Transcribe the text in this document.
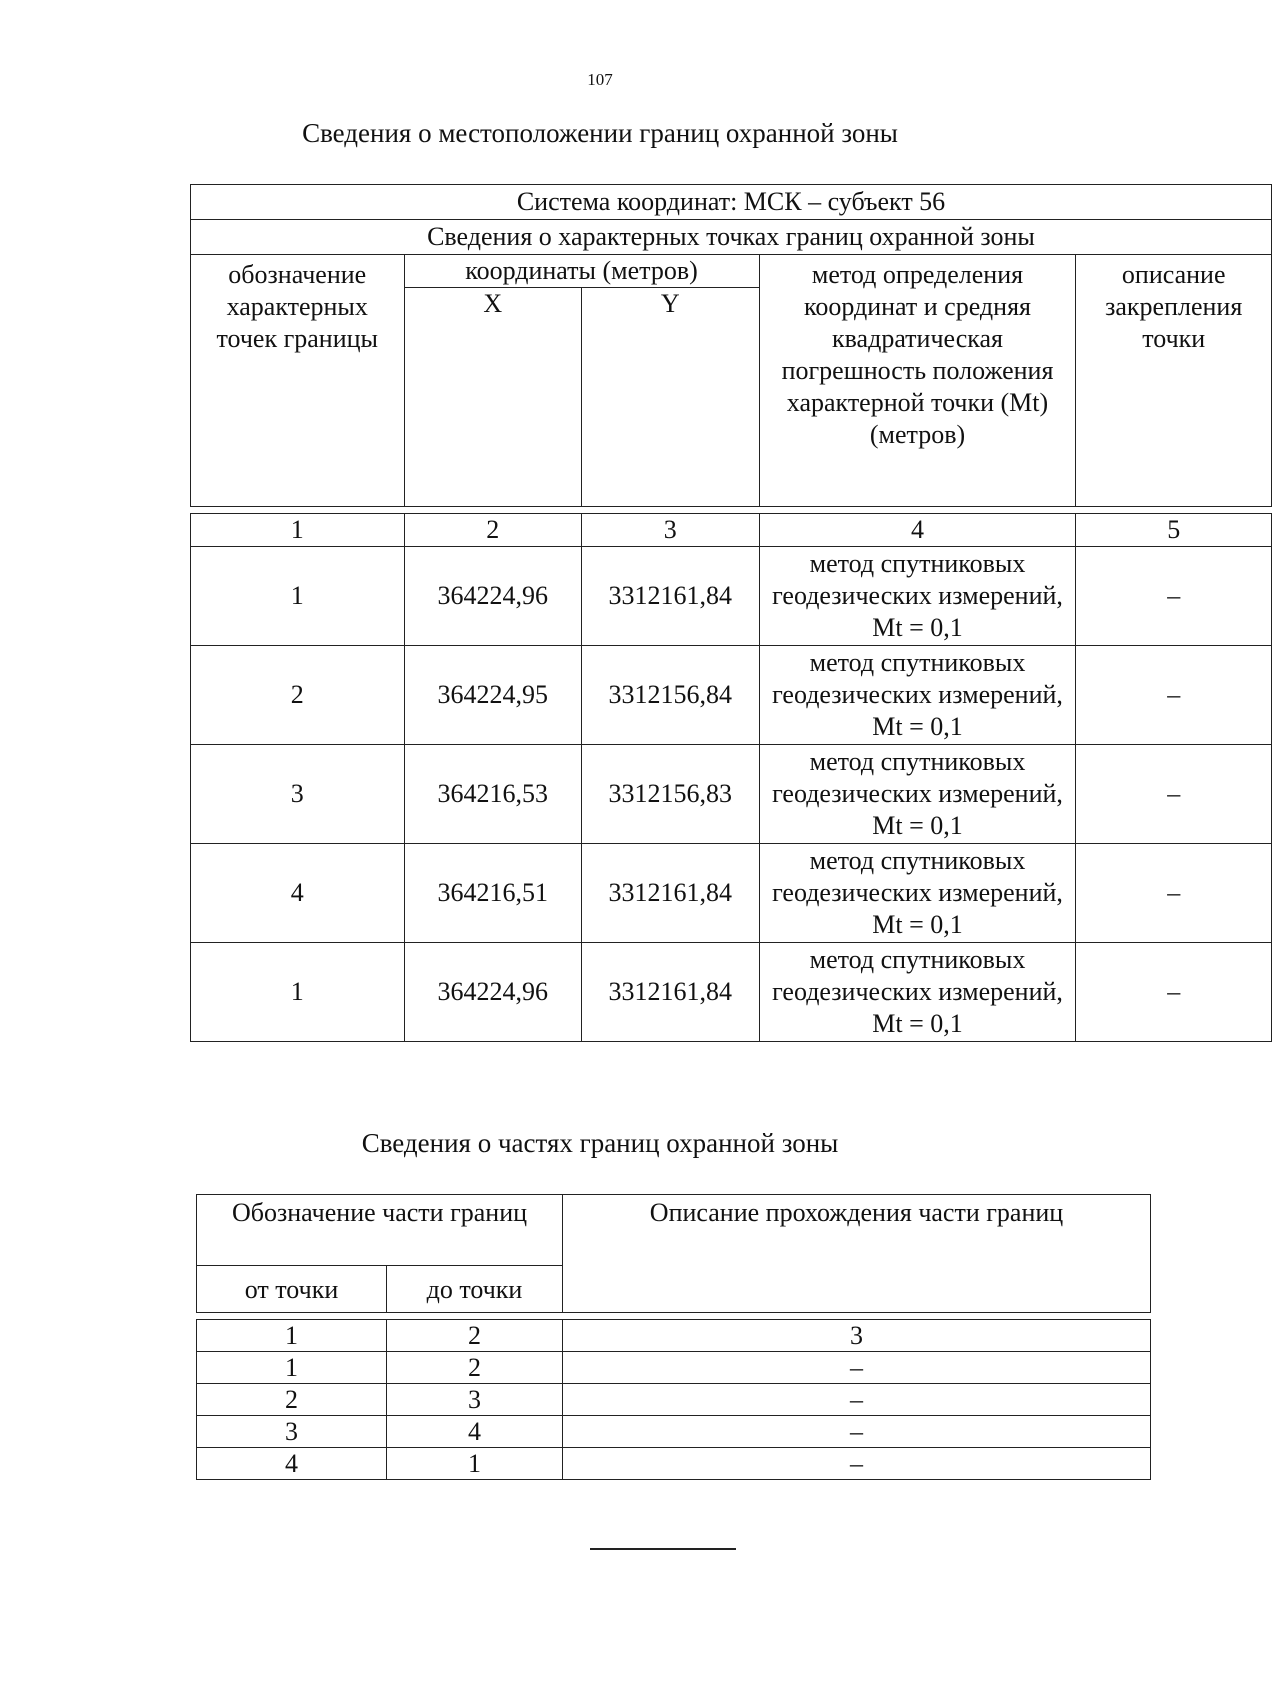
107
Сведения о местоположении границ охранной зоны
Система координат: МСК – субъект 56				
Сведения о характерных точках границ охранной зоны				
обозначение характерных точек границы	координаты (метров)		метод определения координат и средняя квадратическая погрешность положения характерной точки (Mt) (метров)	описание закрепления точки
	X	Y		

1	2	3	4	5
1	364224,96	3312161,84	метод спутниковых геодезических измерений, Mt = 0,1	–
2	364224,95	3312156,84	метод спутниковых геодезических измерений, Mt = 0,1	–
3	364216,53	3312156,83	метод спутниковых геодезических измерений, Mt = 0,1	–
4	364216,51	3312161,84	метод спутниковых геодезических измерений, Mt = 0,1	–
1	364224,96	3312161,84	метод спутниковых геодезических измерений, Mt = 0,1	–
Сведения о частях границ охранной зоны
Обозначение части границ		Описание прохождения части границ
от точки	до точки	

1	2	3
1	2	–
2	3	–
3	4	–
4	1	–
